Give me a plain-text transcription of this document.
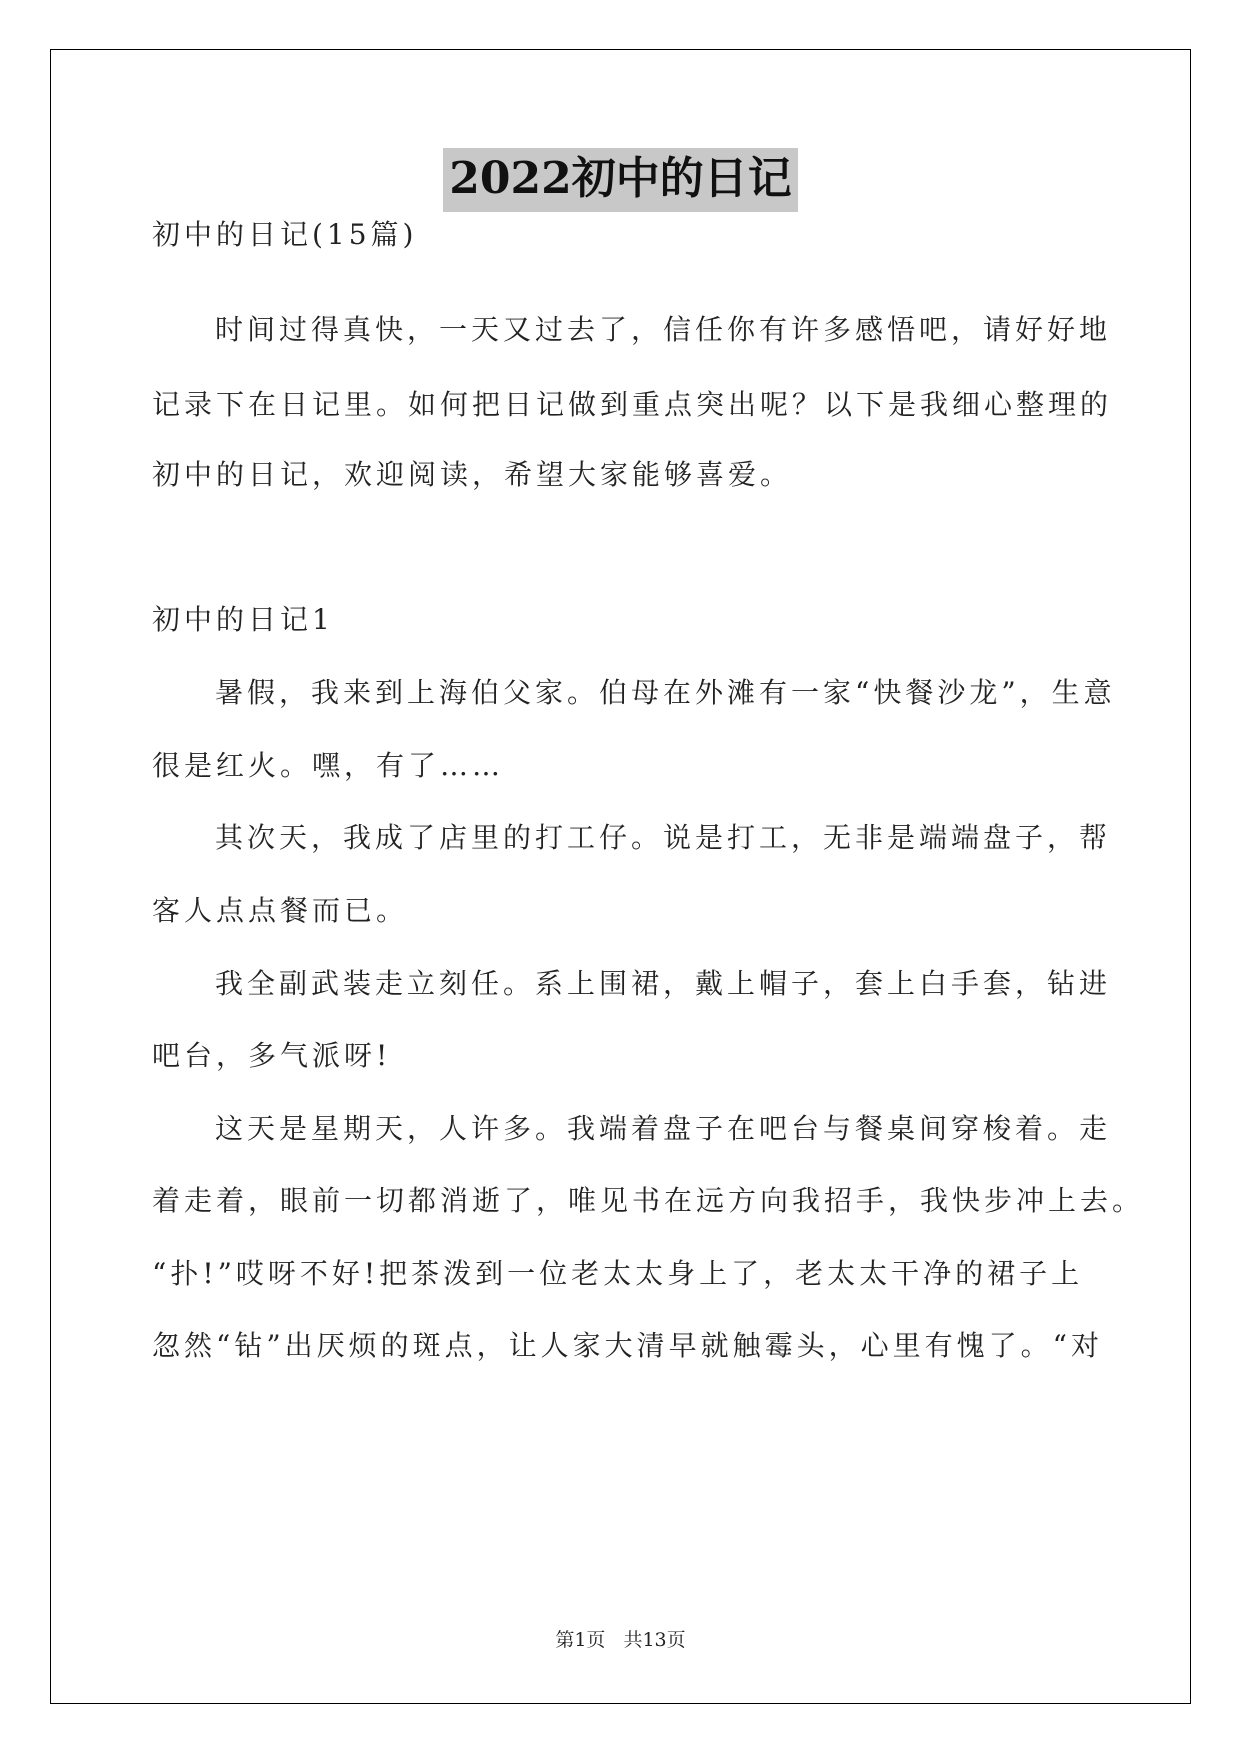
2022初中的日记
初中的日记(15篇)
时间过得真快，一天又过去了，信任你有许多感悟吧，请好好地
记录下在日记里。如何把日记做到重点突出呢？以下是我细心整理的
初中的日记，欢迎阅读，希望大家能够喜爱。
初中的日记1
暑假，我来到上海伯父家。伯母在外滩有一家“快餐沙龙”，生意
很是红火。嘿，有了……
其次天，我成了店里的打工仔。说是打工，无非是端端盘子，帮
客人点点餐而已。
我全副武装走立刻任。系上围裙，戴上帽子，套上白手套，钻进
吧台，多气派呀!
这天是星期天，人许多。我端着盘子在吧台与餐桌间穿梭着。走
着走着，眼前一切都消逝了，唯见书在远方向我招手，我快步冲上去。
“扑!”哎呀不好!把茶泼到一位老太太身上了，老太太干净的裙子上
忽然“钻”出厌烦的斑点，让人家大清早就触霉头，心里有愧了。“对
第1页 共13页
